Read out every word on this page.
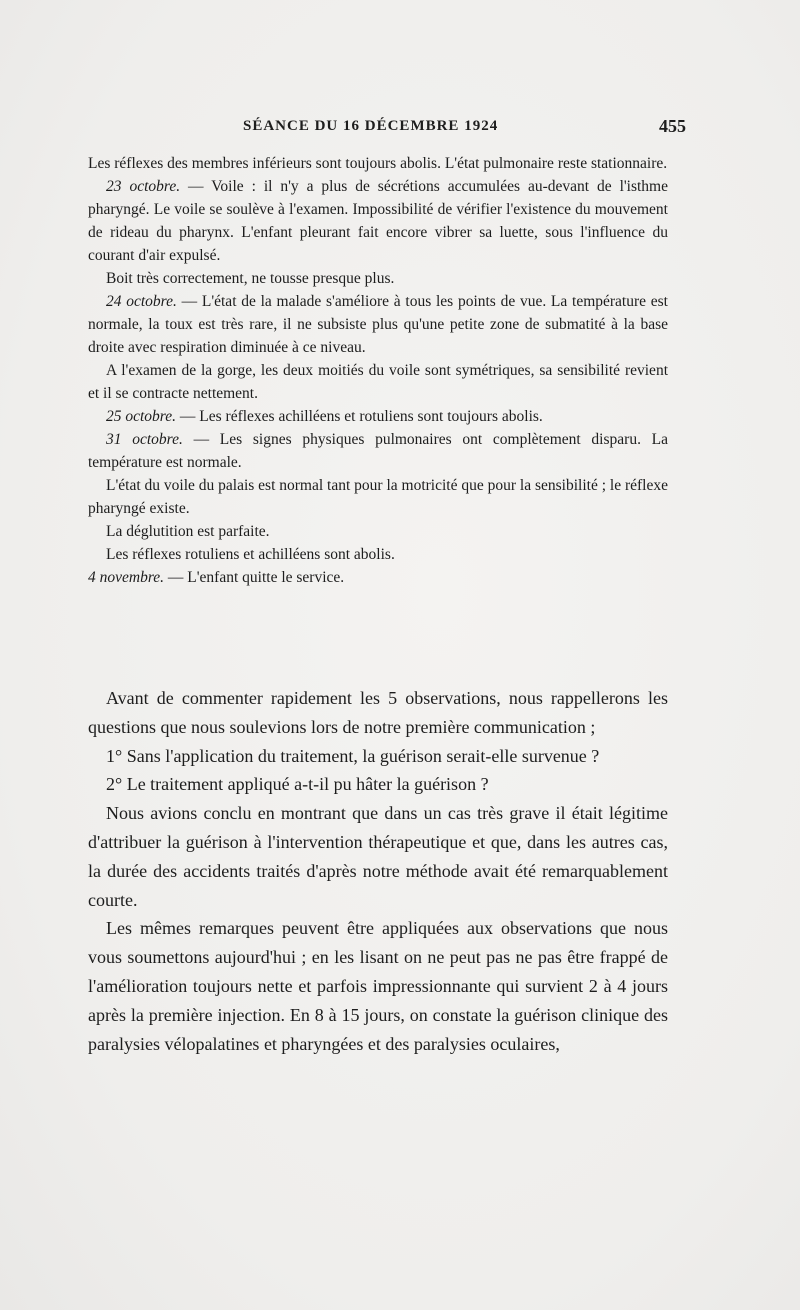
SÉANCE DU 16 DÉCEMBRE 1924	455

Les réflexes des membres inférieurs sont toujours abolis. L'état pulmonaire reste stationnaire.

23 octobre. — Voile : il n'y a plus de sécrétions accumulées au-devant de l'isthme pharyngé. Le voile se soulève à l'examen. Impossibilité de vérifier l'existence du mouvement de rideau du pharynx. L'enfant pleurant fait encore vibrer sa luette, sous l'influence du courant d'air expulsé.

Boit très correctement, ne tousse presque plus.

24 octobre. — L'état de la malade s'améliore à tous les points de vue. La température est normale, la toux est très rare, il ne subsiste plus qu'une petite zone de submatité à la base droite avec respiration diminuée à ce niveau.

A l'examen de la gorge, les deux moitiés du voile sont symétriques, sa sensibilité revient et il se contracte nettement.

25 octobre. — Les réflexes achilléens et rotuliens sont toujours abolis.

31 octobre. — Les signes physiques pulmonaires ont complètement disparu. La température est normale.

L'état du voile du palais est normal tant pour la motricité que pour la sensibilité ; le réflexe pharyngé existe.

La déglutition est parfaite.

Les réflexes rotuliens et achilléens sont abolis.

4 novembre. — L'enfant quitte le service.

Avant de commenter rapidement les 5 observations, nous rappellerons les questions que nous soulevions lors de notre première communication ;

1° Sans l'application du traitement, la guérison serait-elle survenue ?

2° Le traitement appliqué a-t-il pu hâter la guérison ?

Nous avions conclu en montrant que dans un cas très grave il était légitime d'attribuer la guérison à l'intervention thérapeutique et que, dans les autres cas, la durée des accidents traités d'après notre méthode avait été remarquablement courte.

Les mêmes remarques peuvent être appliquées aux observations que nous vous soumettons aujourd'hui ; en les lisant on ne peut pas ne pas être frappé de l'amélioration toujours nette et parfois impressionnante qui survient 2 à 4 jours après la première injection. En 8 à 15 jours, on constate la guérison clinique des paralysies vélopalatines et pharyngées et des paralysies oculaires,
